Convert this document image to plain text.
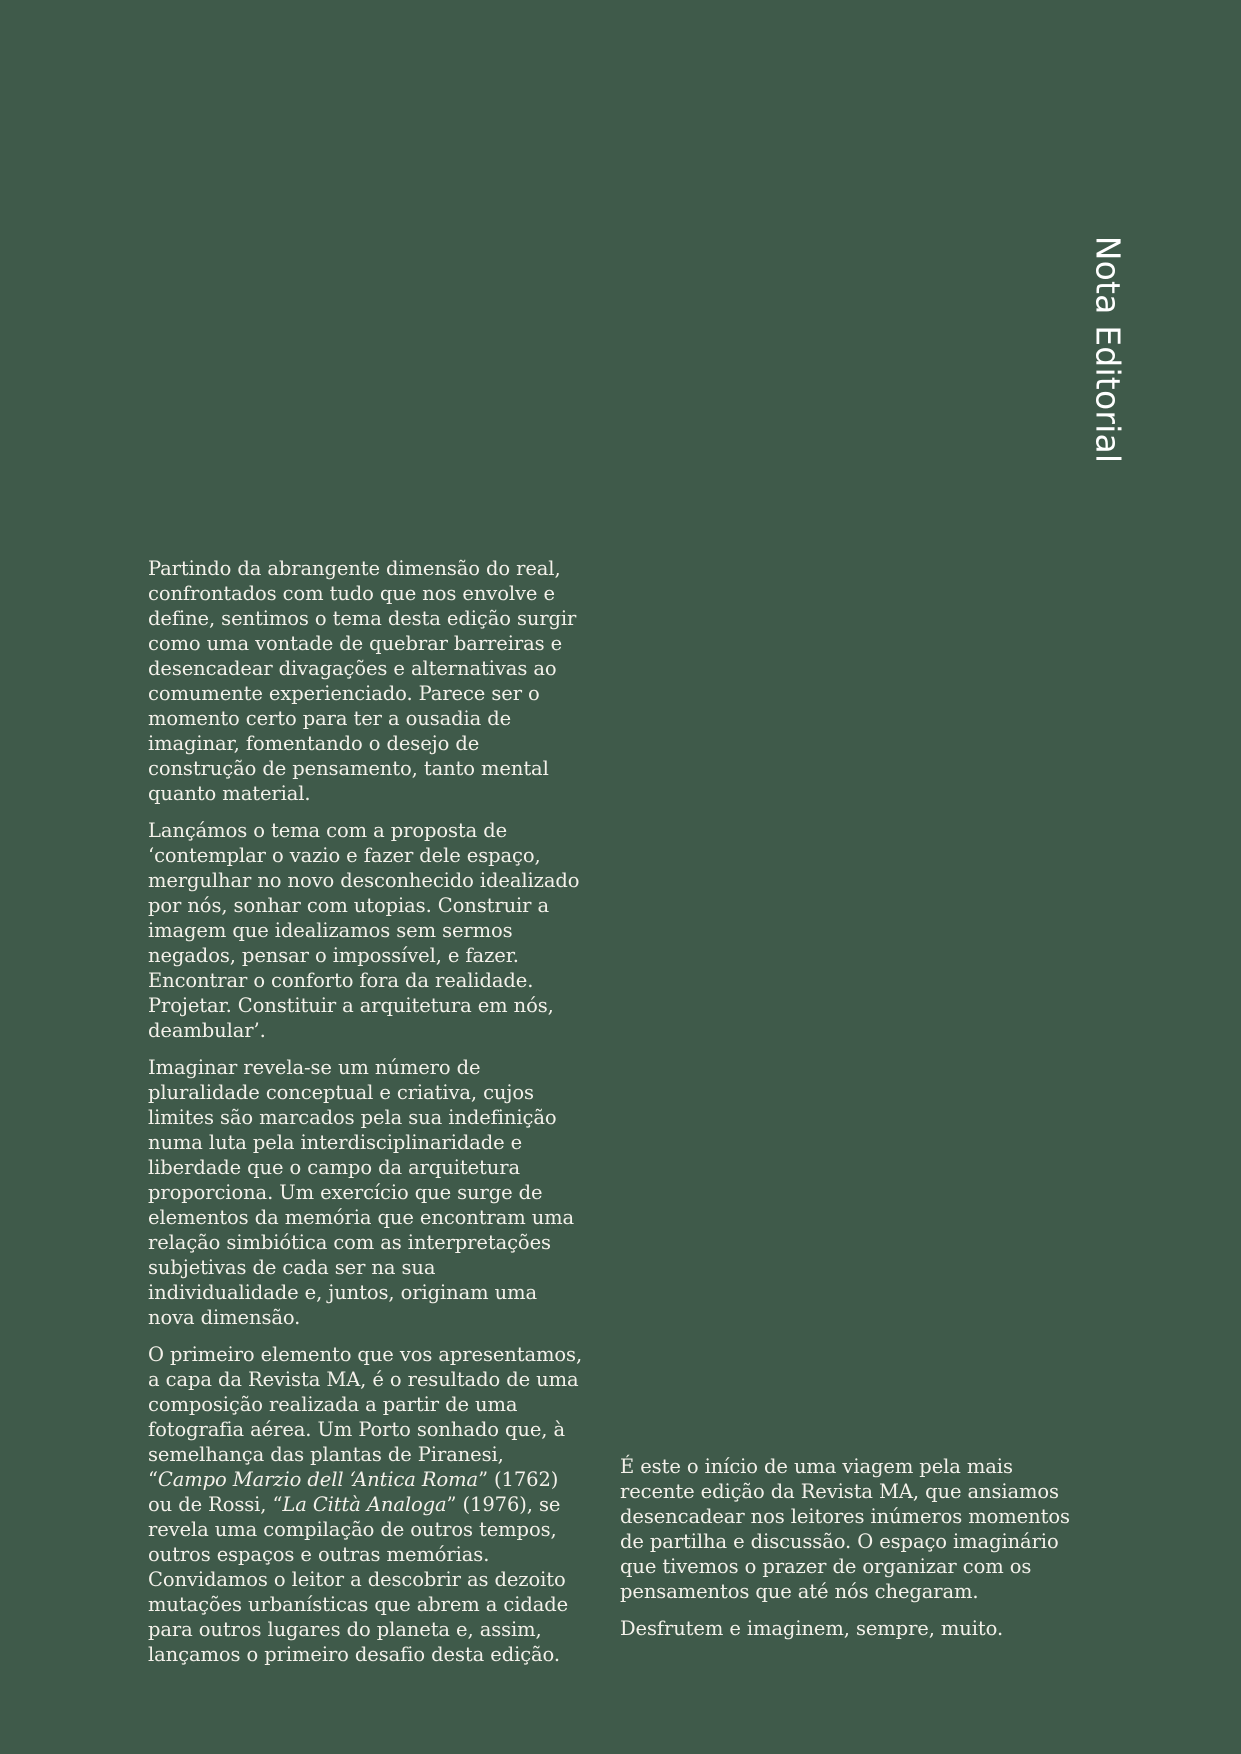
Nota Editorial

Partindo da abrangente dimensão do real, confrontados com tudo que nos envolve e define, sentimos o tema desta edição surgir como uma vontade de quebrar barreiras e desencadear divagações e alternativas ao comumente experienciado. Parece ser o momento certo para ter a ousadia de imaginar, fomentando o desejo de construção de pensamento, tanto mental quanto material.

Lançámos o tema com a proposta de ‘contemplar o vazio e fazer dele espaço, mergulhar no novo desconhecido idealizado por nós, sonhar com utopias. Construir a imagem que idealizamos sem sermos negados, pensar o impossível, e fazer. Encontrar o conforto fora da realidade. Projetar. Constituir a arquitetura em nós, deambular’.

Imaginar revela-se um número de pluralidade conceptual e criativa, cujos limites são marcados pela sua indefinição numa luta pela interdisciplinaridade e liberdade que o campo da arquitetura proporciona. Um exercício que surge de elementos da memória que encontram uma relação simbiótica com as interpretações subjetivas de cada ser na sua individualidade e, juntos, originam uma nova dimensão.

O primeiro elemento que vos apresentamos, a capa da Revista MA, é o resultado de uma composição realizada a partir de uma fotografia aérea. Um Porto sonhado que, à semelhança das plantas de Piranesi, “Campo Marzio dell ‘Antica Roma” (1762) ou de Rossi, “La Città Analoga” (1976), se revela uma compilação de outros tempos, outros espaços e outras memórias. Convidamos o leitor a descobrir as dezoito mutações urbanísticas que abrem a cidade para outros lugares do planeta e, assim, lançamos o primeiro desafio desta edição.

É este o início de uma viagem pela mais recente edição da Revista MA, que ansiamos desencadear nos leitores inúmeros momentos de partilha e discussão. O espaço imaginário que tivemos o prazer de organizar com os pensamentos que até nós chegaram.

Desfrutem e imaginem, sempre, muito.
